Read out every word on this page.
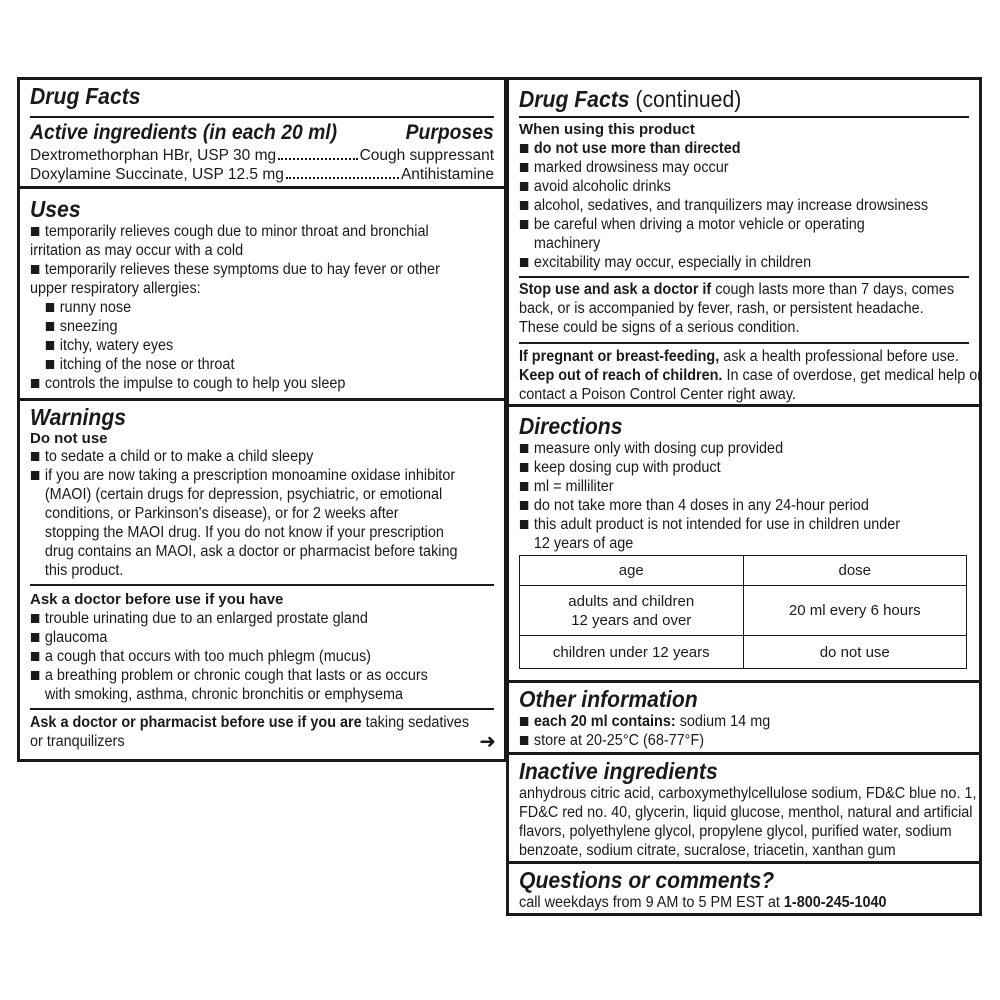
Drug Facts
Active ingredients (in each 20 ml)	Purposes
Dextromethorphan HBr, USP 30 mg	Cough suppressant
Doxylamine Succinate, USP 12.5 mg	Antihistamine
Uses
temporarily relieves cough due to minor throat and bronchial
irritation as may occur with a cold
temporarily relieves these symptoms due to hay fever or other
upper respiratory allergies:
runny nose
sneezing
itchy, watery eyes
itching of the nose or throat
controls the impulse to cough to help you sleep
Warnings
Do not use
to sedate a child or to make a child sleepy
if you are now taking a prescription monoamine oxidase inhibitor
(MAOI) (certain drugs for depression, psychiatric, or emotional
conditions, or Parkinson's disease), or for 2 weeks after
stopping the MAOI drug. If you do not know if your prescription
drug contains an MAOI, ask a doctor or pharmacist before taking
this product.
Ask a doctor before use if you have
trouble urinating due to an enlarged prostate gland
glaucoma
a cough that occurs with too much phlegm (mucus)
a breathing problem or chronic cough that lasts or as occurs
with smoking, asthma, chronic bronchitis or emphysema
Ask a doctor or pharmacist before use if you are taking sedatives
or tranquilizers	➜
Drug Facts (continued)
When using this product
do not use more than directed
marked drowsiness may occur
avoid alcoholic drinks
alcohol, sedatives, and tranquilizers may increase drowsiness
be careful when driving a motor vehicle or operating
machinery
excitability may occur, especially in children
Stop use and ask a doctor if cough lasts more than 7 days, comes
back, or is accompanied by fever, rash, or persistent headache.
These could be signs of a serious condition.
If pregnant or breast-feeding, ask a health professional before use.
Keep out of reach of children. In case of overdose, get medical help or
contact a Poison Control Center right away.
Directions
measure only with dosing cup provided
keep dosing cup with product
ml = milliliter
do not take more than 4 doses in any 24-hour period
this adult product is not intended for use in children under
12 years of age
age	dose

adults and children
12 years and over	20 ml every 6 hours
children under 12 years	do not use
Other information
each 20 ml contains: sodium 14 mg
store at 20-25°C (68-77°F)
Inactive ingredients
anhydrous citric acid, carboxymethylcellulose sodium, FD&C blue no. 1,
FD&C red no. 40, glycerin, liquid glucose, menthol, natural and artificial
flavors, polyethylene glycol, propylene glycol, purified water, sodium
benzoate, sodium citrate, sucralose, triacetin, xanthan gum
Questions or comments?
call weekdays from 9 AM to 5 PM EST at 1-800-245-1040
